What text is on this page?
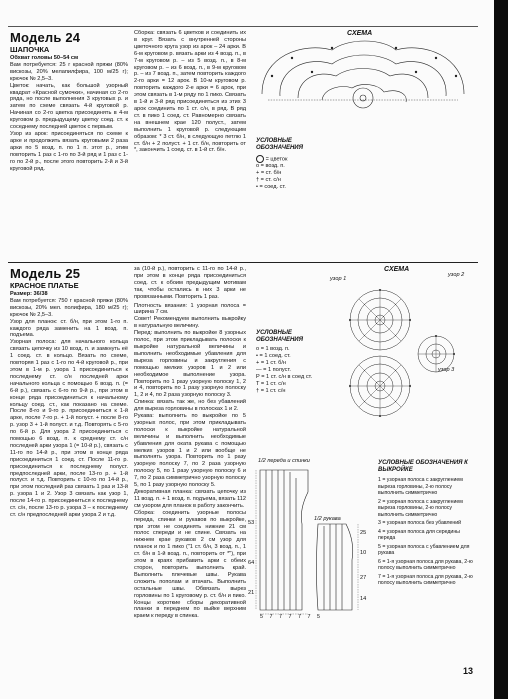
Модель 24
ШАПОЧКА

Обхват головы 50–54 см

Вам потребуется: 25 г красной пряжи (80% вискозы, 20% мелапилфира, 100 м/25 г); крючок № 2,5–3.

Цветок: начать, как большой узорный квадрат «Красной сумочки», начиная со 2-го ряда, но после выполнения 3 круговых р. и затем по схеме связать 4-й круговой р. Начиная со 2-го цветка присоединять в 4-м круговом р. предыдущему цветку соед. ст. к соседнему последней цветок с первым.

Узор из арок: присоединяться по схеме к арке и продолжить вязать круговыми 2 раза арки по 5 возд. п. по 1 п. этот р., этим повторить 1 раз с 1-го по 3-й ряд и 1 раз с 1-го по 2-й р., после этого повторить 2-й и 3-й круговой ряд.

Сборка: связать 6 цветков и соединить их в круг. Вязать с внутренней стороны цветочного круга узор из арок – 24 арки. В 6-м круговом р. вязать арки из 4 возд. п., в 7-м круговом р. – из 5 возд. п., в 8-м круговом р. – из 6 возд. п., в 9-м круговом р. – из 7 возд. п., затем повторить каждого 2-го арки = 12 арок. В 10-м круговом р. повторить каждого 2-е арки = 6 арок, при этом связать в 1-м ряду по 1 пико. Связать в 1-й и 3-й ряд присоединяться из этих 3 арок соединить по 1 ст. с/н, в ряд. В ряд ст. в пико 1 соед. ст. Равномерно связать на внешнем крае 120 полуст., затем выполнить 1 круговой р. следующим образом: * 3 ст. б/н, в следующую петлю 1 ст. б/н + 2 полуст. + 1 ст. б/н, повторить от *, закончить 1 соед. ст. в 1-й ст. б/н.

СХЕМА
УСЛОВНЫЕ ОБОЗНАЧЕНИЯ
= цветок
o = возд. п.
+ = ст. б/н
† = ст. с/н
• = соед. ст.
Модель 25
КРАСНОЕ ПЛАТЬЕ

Размер: 36/38

Вам потребуется: 750 г красной пряжи (80% вискозы, 20% мел. полифира, 180 м/25 г); крючок № 2,5–3.

Узор для планок: ст. б/н, при этом 1-го п. каждого ряда заменить на 1 возд. п. подъема.

Узорная полоса: для начального кольца связать цепочку из 10 возд. п. и замкнуть её 1 соед. ст. в кольцо. Вязать по схеме, повторяя 1 раз с 1-го по 4-й круговой р., при этом в 1-м р. узора 1 присоединиться к последнему ст. с/н последней арки начального кольца с помощью 6 возд. п. (= 6-й р.), связать с 6-го по 9-й р., при этом в конце ряда присоединиться к начальному кольцу соед. ст., как показано на схеме. После 8-го и 9-го р. присоединиться к 1-й арке, после 7-го р. + 1-й полуст. + после 8-го р. узор 3 + 1-й полуст. и т.д. Повторять с 5-го по 6-й р. Для узора 2 присоединиться с помощью 6 возд. п. к среднему ст. с/н последней арки узора 1 (= 10-й р.), связать с 11-го по 14-й р., при этом в конце ряда присоединиться 1 соед. ст. После 11-го р. присоединиться к последнему полуст. предпоследней арки, после 13-го р. + 1-й полуст. и т.д. Повторить с 10-го по 14-й р., при этом последний раз связать 1 раз и 13-й р. узора 1 и 2. Узор 3 связать как узор 1, после 14-го р. присоединиться к последнему ст. с/н, после 13-го р. узора 3 – к последнему ст. с/н предпоследней арки узора 2 и т.д.

за (10-й р.), повторить с 11-го по 14-й р., при этом в конце ряда присоединиться соед. ст. к обоим предыдущим мотивам так, чтобы остались в них 3 арки не провязанными. Повторить 1 раз.

Плотность вязания: 1 узорная полоса = ширина 7 см.

Совет! Рекомендуем выполнить выкройку в натуральную величину.

Перед: выполнить по выкройке 8 узорных полос, при этом прикладывать полоски к выкройке натуральной величины и выполнить необходимые убавления для выреза горловины и закругления с помощью мелких узоров 1 и 2 или необходимое выполнение узора. Повторить по 1 разу узорную полоску 1, 2 и 4, повторить по 1 разу узорную полоску 1, 2 и 4, по 2 раза узорную полоску 3.

Спинка: вязать так же, но без убавлений для выреза горловины в полосках 1 и 2.

Рукава: выполнить по выкройке по 5 узорных полос, при этом прикладывать полоски к выкройке натуральной величины и выполнить необходимые убавления для оката рукава с помощью мелких узоров 1 и 2 или вообще не выполнять узора. Повторить по 1 разу узорную полоску 7, по 2 раза узорную полоску 5, по 1 разу узорную полоску 6 и 7, по 2 раза симметрично узорную полоску 5, по 1 разу узорную полоску 5.

Декоративная планка: связать цепочку из 11 возд. п. + 1 возд. п. подъема, вязать 112 см узором для планок в работу закончить.

Сборка: соединить узорные полосы переда, спинки и рукавов по выкройке, при этом не соединять нижние 21 см полос спереди и не спине. Связать на нижнем крае рукавов 2 см узор для планок и по 1 пико ("1 ст. б/н, 3 возд. п., 1 ст. б/н в 1-й возд. п., повторить от *"), при этом в краях прибавить арки с обеих сторон, повторить выполнить край. Выполнить плечевые швы. Рукава сложить пополам и втачать. Выполнить остальные швы. Обвязать вырез горловины по 1 круговому р. ст. б/н и пико. Концы короткие сборы декоративной планки в переднем по выйке верхним краем к переду в спинка.

СХЕМА
узор 1
узор 2
узор 3
УСЛОВНЫЕ ОБОЗНАЧЕНИЯ
o = 1 возд. п.
• = 1 соед. ст.
+ = 1 ст. б/н
— = 1 полуст.
P = 1 ст. с/н в соед ст.
T = 1 ст. с/н
† = 1 ст. с/н
1/2 переда и спинки
1/2 рукава
53
64
21
25
10
27
14
5 7 7 7 7 7 5
УСЛОВНЫЕ ОБОЗНАЧЕНИЯ К ВЫКРОЙКЕ
1 = узорная полоса с закруглением выреза горловины, 2-ю полосу выполнить симметрично
2 = узорная полоса с закруглением выреза горловины, 2-ю полосу выполнить симметрично
3 = узорная полоса без убавлений
4 = узорная полоса для середины переда
5 = узорная полоса с убавлением для рукава
6 = 1-я узорная полоса для рукава, 2-ю полосу выполнить симметрично
7 = 1-я узорная полоса для рукава, 2-ю полосу выполнить симметрично
13
